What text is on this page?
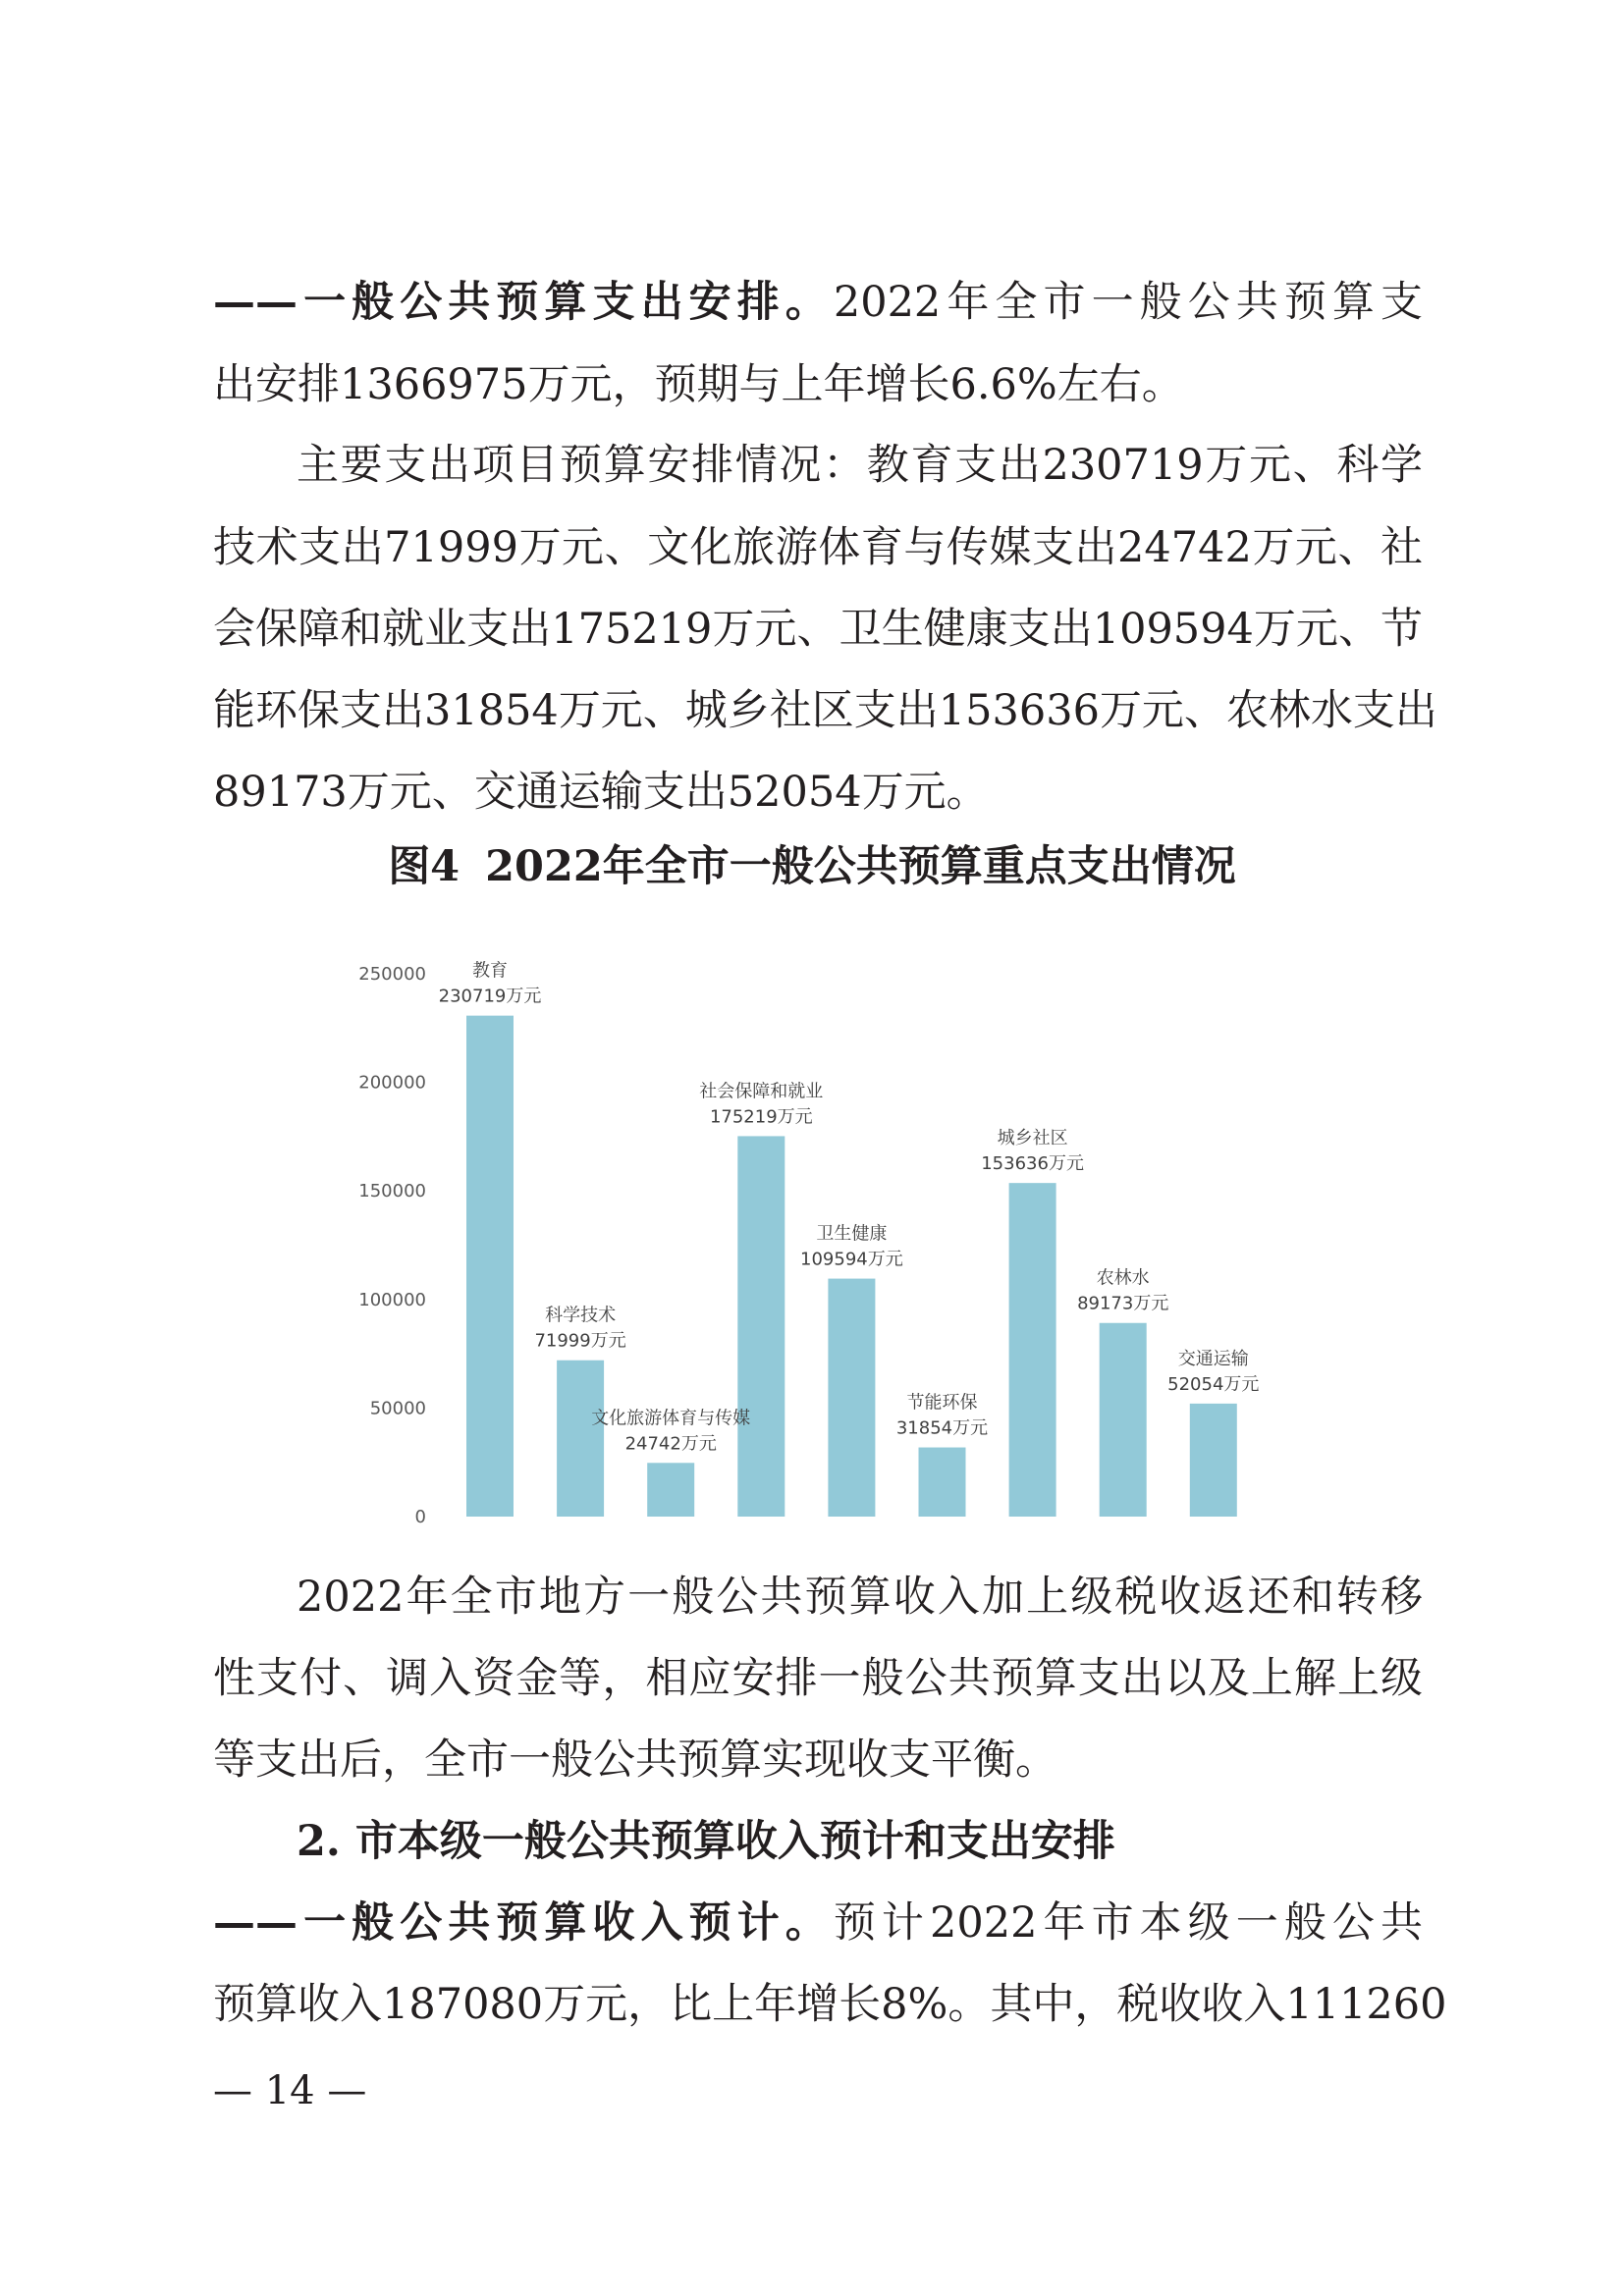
——一般公共预算支出安排。2022年全市一般公共预算支
出安排1366975万元，预期与上年增长6.6%左右。
主要支出项目预算安排情况：教育支出230719万元、科学
技术支出71999万元、文化旅游体育与传媒支出24742万元、社
会保障和就业支出175219万元、卫生健康支出109594万元、节
能环保支出31854万元、城乡社区支出153636万元、农林水支出
89173万元、交通运输支出52054万元。
图4 2022年全市一般公共预算重点支出情况
0
50000
100000
150000
200000
250000	教育
230719万元
科学技术
71999万元
文化旅游体育与传媒
24742万元
社会保障和就业
175219万元
卫生健康
109594万元
节能环保
31854万元
城乡社区
153636万元
农林水
89173万元
交通运输
52054万元
2022年全市地方一般公共预算收入加上级税收返还和转移
性支付、调入资金等，相应安排一般公共预算支出以及上解上级
等支出后，全市一般公共预算实现收支平衡。
2. 市本级一般公共预算收入预计和支出安排
——一般公共预算收入预计。预计2022年市本级一般公共
预算收入187080万元，比上年增长8%。其中，税收收入111260
— 14 —
